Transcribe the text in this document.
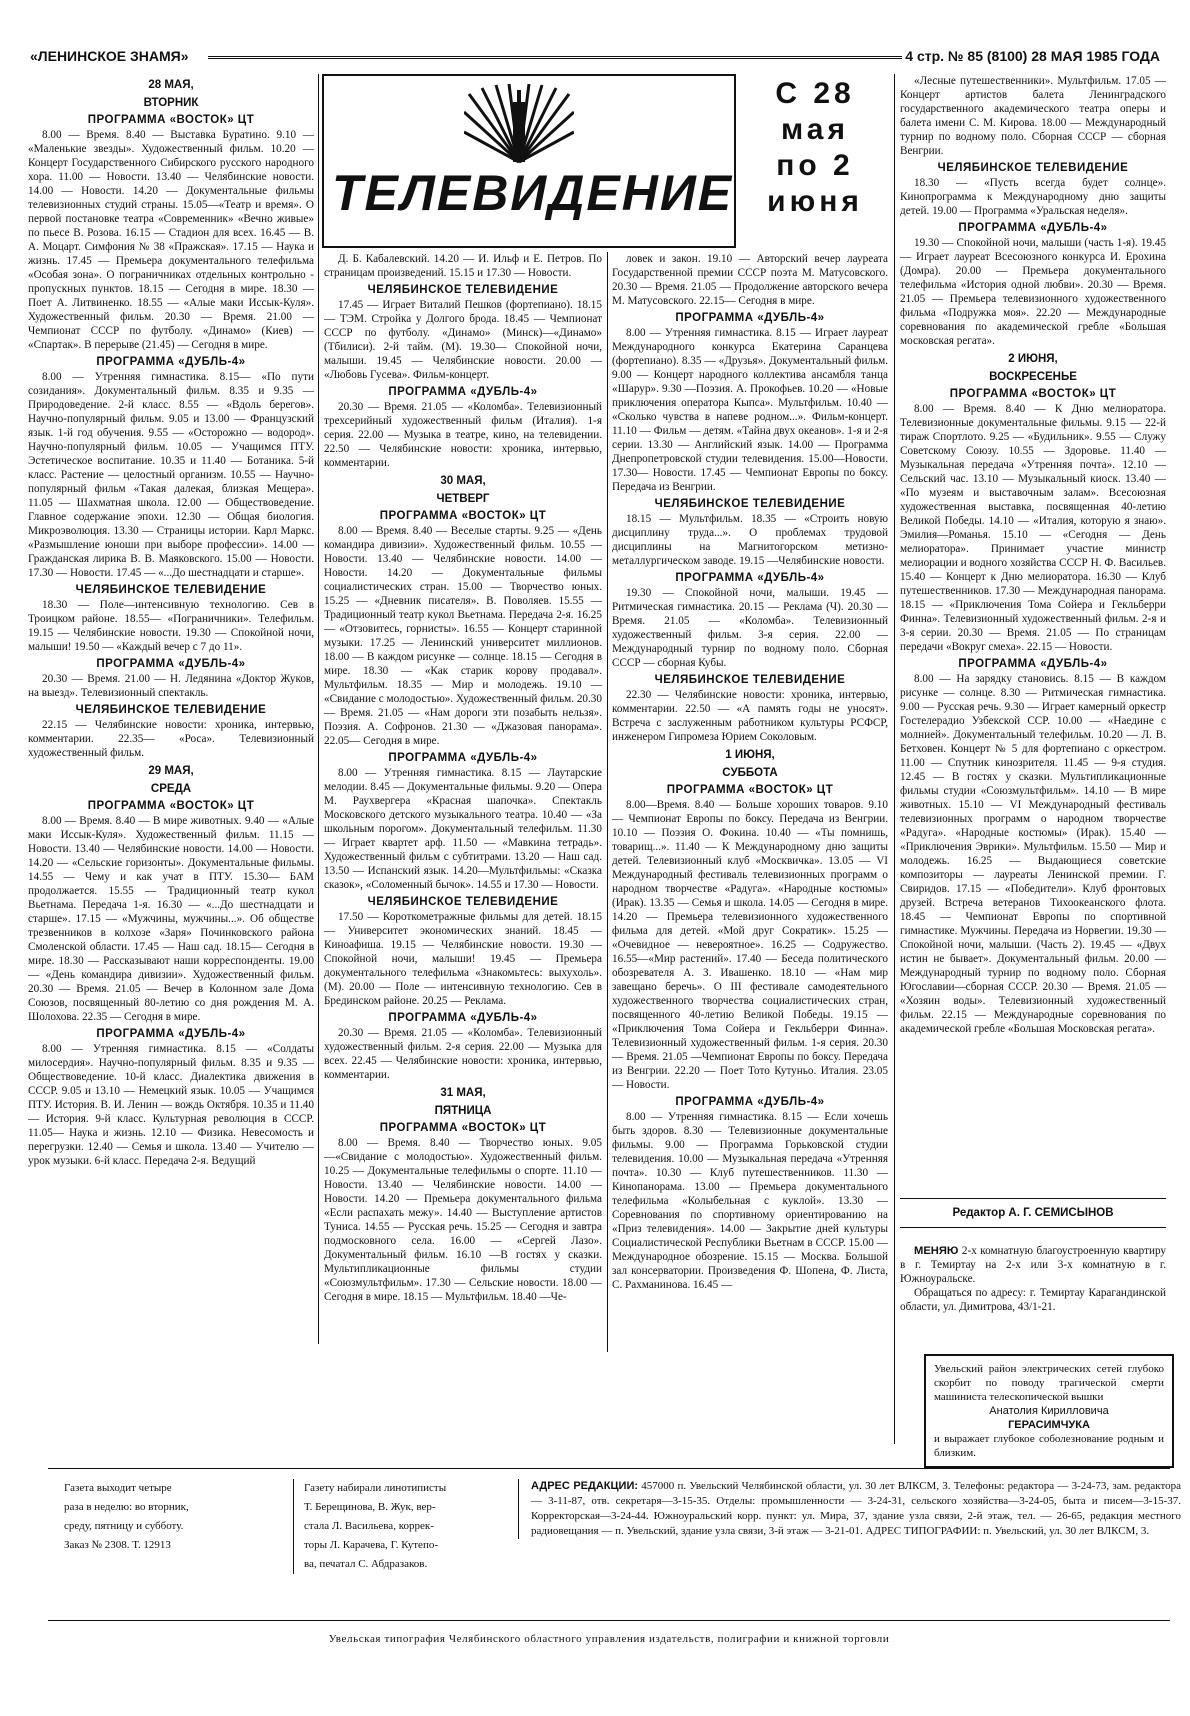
«ЛЕНИНСКОЕ ЗНАМЯ»	4 стр. № 85 (8100) 28 МАЯ 1985 ГОДА
28 МАЯ,
ВТОРНИК
ПРОГРАММА «ВОСТОК» ЦТ

8.00 — Время. 8.40 — Выставка Буратино. 9.10 — «Маленькие звезды». Художественный фильм. 10.20 — Концерт Государственного Сибирского русского народного хора. 11.00 — Новости. 13.40 — Челябинские новости. 14.00 — Новости. 14.20 — Документальные фильмы телевизионных студий страны. 15.05—«Театр и время». О первой постановке театра «Современник» «Вечно живые» по пьесе В. Розова. 16.15 — Стадион для всех. 16.45 — В. А. Моцарт. Симфония № 38 «Пражская». 17.15 — Наука и жизнь. 17.45 — Премьера документального телефильма «Особая зона». О пограничниках отдельных контрольно - пропускных пунктов. 18.15 — Сегодня в мире. 18.30 — Поет А. Литвиненко. 18.55 — «Алые маки Иссык-Куля». Художественный фильм. 20.30 — Время. 21.00 — Чемпионат СССР по футболу. «Динамо» (Киев) — «Спартак». В перерыве (21.45) — Сегодня в мире.

ПРОГРАММА «ДУБЛЬ-4»

8.00 — Утренняя гимнастика. 8.15— «По пути созидания». Документальный фильм. 8.35 и 9.35 — Природоведение. 2-й класс. 8.55 — «Вдоль берегов». Научно-популярный фильм. 9.05 и 13.00 — Французский язык. 1-й год обучения. 9.55 — «Осторожно — водород». Научно-популярный фильм. 10.05 — Учащимся ПТУ. Эстетическое воспитание. 10.35 и 11.40 — Ботаника. 5-й класс. Растение — целостный организм. 10.55 — Научно-популярный фильм «Такая далекая, близкая Мещера». 11.05 — Шахматная школа. 12.00 — Обществоведение. Главное содержание эпохи. 12.30 — Общая биология. Микроэволюция. 13.30 — Страницы истории. Карл Маркс. «Размышление юноши при выборе профессии». 14.00 — Гражданская лирика В. В. Маяковского. 15.00 — Новости. 17.30 — Новости. 17.45 — «...До шестнадцати и старше».

ЧЕЛЯБИНСКОЕ ТЕЛЕВИДЕНИЕ

18.30 — Поле—интенсивную технологию. Сев в Троицком районе. 18.55— «Пограничники». Телефильм. 19.15 — Челябинские новости. 19.30 — Спокойной ночи, малыши! 19.50 — «Каждый вечер с 7 до 11».

ПРОГРАММА «ДУБЛЬ-4»

20.30 — Время. 21.00 — Н. Ледянина «Доктор Жуков, на выезд». Телевизионный спектакль.

ЧЕЛЯБИНСКОЕ ТЕЛЕВИДЕНИЕ

22.15 — Челябинские новости: хроника, интервью, комментарии. 22.35— «Роса». Телевизионный художественный фильм.

29 МАЯ,
СРЕДА
ПРОГРАММА «ВОСТОК» ЦТ

8.00 — Время. 8.40 — В мире животных. 9.40 — «Алые маки Иссык-Куля». Художественный фильм. 11.15 — Новости. 13.40 — Челябинские новости. 14.00 — Новости. 14.20 — «Сельские горизонты». Документальные фильмы. 14.55 — Чему и как учат в ПТУ. 15.30— БАМ продолжается. 15.55 — Традиционный театр кукол Вьетнама. Передача 1-я. 16.30 — «...До шестнадцати и старше». 17.15 — «Мужчины, мужчины...». Об обществе трезвенников в колхозе «Заря» Починковского района Смоленской области. 17.45 — Наш сад. 18.15— Сегодня в мире. 18.30 — Рассказывают наши корреспонденты. 19.00 — «День командира дивизии». Художественный фильм. 20.30 — Время. 21.05 — Вечер в Колонном зале Дома Союзов, посвященный 80-летию со дня рождения М. А. Шолохова. 22.35 — Сегодня в мире.

ПРОГРАММА «ДУБЛЬ-4»

8.00 — Утренняя гимнастика. 8.15 — «Солдаты милосердия». Научно-популярный фильм. 8.35 и 9.35 — Обществоведение. 10-й класс. Диалектика движения в СССР. 9.05 и 13.10 — Немецкий язык. 10.05 — Учащимся ПТУ. История. В. И. Ленин — вождь Октября. 10.35 и 11.40 — История. 9-й класс. Культурная революция в СССР. 11.05— Наука и жизнь. 12.10 — Физика. Невесомость и перегрузки. 12.40 — Семья и школа. 13.40 — Учителю — урок музыки. 6-й класс. Передача 2-я. Ведущий

ТЕЛЕВИДЕНИЕ
С 28
мая
по 2
июня

Д. Б. Кабалевский. 14.20 — И. Ильф и Е. Петров. По страницам произведений. 15.15 и 17.30 — Новости.

ЧЕЛЯБИНСКОЕ ТЕЛЕВИДЕНИЕ

17.45 — Играет Виталий Пешков (фортепиано). 18.15 — ТЭМ. Стройка у Долгого брода. 18.45 — Чемпионат СССР по футболу. «Динамо» (Минск)—«Динамо» (Тбилиси). 2-й тайм. (М). 19.30— Спокойной ночи, малыши. 19.45 — Челябинские новости. 20.00 — «Любовь Гусева». Фильм-концерт.

ПРОГРАММА «ДУБЛЬ-4»

20.30 — Время. 21.05 — «Коломба». Телевизионный трехсерийный художественный фильм (Италия). 1-я серия. 22.00 — Музыка в театре, кино, на телевидении. 22.50 — Челябинские новости: хроника, интервью, комментарии.

30 МАЯ,
ЧЕТВЕРГ
ПРОГРАММА «ВОСТОК» ЦТ

8.00 — Время. 8.40 — Веселые старты. 9.25 — «День командира дивизии». Художественный фильм. 10.55 — Новости. 13.40 — Челябинские новости. 14.00 — Новости. 14.20 — Документальные фильмы социалистических стран. 15.00 — Творчество юных. 15.25 — «Дневник писателя». В. Поволяев. 15.55 — Традиционный театр кукол Вьетнама. Передача 2-я. 16.25 — «Отзовитесь, горнисты». 16.55 — Концерт старинной музыки. 17.25 — Ленинский университет миллионов. 18.00 — В каждом рисунке — солнце. 18.15 — Сегодня в мире. 18.30 — «Как старик корову продавал». Мультфильм. 18.35 — Мир и молодежь. 19.10 — «Свидание с молодостью». Художественный фильм. 20.30 — Время. 21.05 — «Нам дороги эти позабыть нельзя». Поэзия. А. Софронов. 21.30 — «Джазовая панорама». 22.05— Сегодня в мире.

ПРОГРАММА «ДУБЛЬ-4»

8.00 — Утренняя гимнастика. 8.15 — Лаутарские мелодии. 8.45 — Документальные фильмы. 9.20 — Опера М. Раухвергера «Красная шапочка». Спектакль Московского детского музыкального театра. 10.40 — «За школьным порогом». Документальный телефильм. 11.30 — Играет квартет арф. 11.50 — «Мавкина тетрадь». Художественный фильм с субтитрами. 13.20 — Наш сад. 13.50 — Испанский язык. 14.20—Мультфильмы: «Сказка сказок», «Соломенный бычок». 14.55 и 17.30 — Новости.

ЧЕЛЯБИНСКОЕ ТЕЛЕВИДЕНИЕ

17.50 — Короткометражные фильмы для детей. 18.15 — Университет экономических знаний. 18.45 — Киноафиша. 19.15 — Челябинские новости. 19.30 —Спокойной ночи, малыши! 19.45 — Премьера документального телефильма «Знакомьтесь: выхухоль». (М). 20.00 — Поле — интенсивную технологию. Сев в Брединском районе. 20.25 — Реклама.

ПРОГРАММА «ДУБЛЬ-4»

20.30 — Время. 21.05 — «Коломба». Телевизионный художественный фильм. 2-я серия. 22.00 — Музыка для всех. 22.45 — Челябинские новости: хроника, интервью, комментарии.

31 МАЯ,
ПЯТНИЦА
ПРОГРАММА «ВОСТОК» ЦТ

8.00 — Время. 8.40 — Творчество юных. 9.05—«Свидание с молодостью». Художественный фильм. 10.25 — Документальные телефильмы о спорте. 11.10 —Новости. 13.40 — Челябинские новости. 14.00 — Новости. 14.20 — Премьера документального фильма «Если распахать межу». 14.40 — Выступление артистов Туниса. 14.55 — Русская речь. 15.25 — Сегодня и завтра подмосковного села. 16.00 — «Сергей Лазо». Документальный фильм. 16.10 —В гостях у сказки. Мультипликационные фильмы студии «Союзмультфильм». 17.30 — Сельские новости. 18.00 — Сегодня в мире. 18.15 — Мультфильм. 18.40 —Че-

ловек и закон. 19.10 — Авторский вечер лауреата Государственной премии СССР поэта М. Матусовского. 20.30 — Время. 21.05 — Продолжение авторского вечера М. Матусовского. 22.15— Сегодня в мире.

ПРОГРАММА «ДУБЛЬ-4»

8.00 — Утренняя гимнастика. 8.15 — Играет лауреат Международного конкурса Екатерина Саранцева (фортепиано). 8.35 — «Друзья». Документальный фильм. 9.00 — Концерт народного коллектива ансамбля танца «Шарур». 9.30 —Поэзия. А. Прокофьев. 10.20 — «Новые приключения оператора Кыпса». Мультфильм. 10.40 — «Сколько чувства в напеве родном...». Фильм-концерт. 11.10 — Фильм — детям. «Тайна двух океанов». 1-я и 2-я серии. 13.30 — Английский язык. 14.00 — Программа Днепропетровской студии телевидения. 15.00—Новости. 17.30— Новости. 17.45 — Чемпионат Европы по боксу. Передача из Венгрии.

ЧЕЛЯБИНСКОЕ ТЕЛЕВИДЕНИЕ

18.15 — Мультфильм. 18.35 — «Строить новую дисциплину труда...». О проблемах трудовой дисциплины на Магнитогорском метизно-металлургическом заводе. 19.15 —Челябинские новости.

ПРОГРАММА «ДУБЛЬ-4»

19.30 — Спокойной ночи, малыши. 19.45 — Ритмическая гимнастика. 20.15 — Реклама (Ч). 20.30 — Время. 21.05 — «Коломба». Телевизионный художественный фильм. 3-я серия. 22.00 — Международный турнир по водному поло. Сборная СССР — сборная Кубы.

ЧЕЛЯБИНСКОЕ ТЕЛЕВИДЕНИЕ

22.30 — Челябинские новости: хроника, интервью, комментарии. 22.50 — «А память годы не уносят». Встреча с заслуженным работником культуры РСФСР, инженером Гипромеза Юрием Соколовым.

1 ИЮНЯ,
СУББОТА
ПРОГРАММА «ВОСТОК» ЦТ

8.00—Время. 8.40 — Больше хороших товаров. 9.10 — Чемпионат Европы по боксу. Передача из Венгрии. 10.10 — Поэзия О. Фокина. 10.40 — «Ты помнишь, товарищ...». 11.40 — К Международному дню защиты детей. Телевизионный клуб «Москвичка». 13.05 — VI Международный фестиваль телевизионных программ о народном творчестве «Радуга». «Народные костюмы» (Ирак). 13.35 — Семья и школа. 14.05 — Сегодня в мире. 14.20 — Премьера телевизионного художественного фильма для детей. «Мой друг Сократик». 15.25 — «Очевидное — невероятное». 16.25 — Содружество. 16.55—«Мир растений». 17.40 — Беседа политического обозревателя А. З. Ивашенко. 18.10 — «Нам мир завещано беречь». О III фестивале самодеятельного художественного творчества социалистических стран, посвященного 40-летию Великой Победы. 19.15 — «Приключения Тома Сойера и Гекльберри Финна». Телевизионный художественный фильм. 1-я серия. 20.30 — Время. 21.05 —Чемпионат Европы по боксу. Передача из Венгрии. 22.20 — Поет Тото Кутуньо. Италия. 23.05 — Новости.

ПРОГРАММА «ДУБЛЬ-4»

8.00 — Утренняя гимнастика. 8.15 — Если хочешь быть здоров. 8.30 — Телевизионные документальные фильмы. 9.00 — Программа Горьковской студии телевидения. 10.00 — Музыкальная передача «Утренняя почта». 10.30 — Клуб путешественников. 11.30 — Кинопанорама. 13.00 — Премьера документального телефильма «Колыбельная с куклой». 13.30 — Соревнования по спортивному ориентированию на «Приз телевидения». 14.00 — Закрытие дней культуры Социалистической Республики Вьетнам в СССР. 15.00 — Международное обозрение. 15.15 — Москва. Большой зал консерватории. Произведения Ф. Шопена, Ф. Листа, С. Рахманинова. 16.45 —

«Лесные путешественники». Мультфильм. 17.05 — Концерт артистов балета Ленинградского государственного академического театра оперы и балета имени С. М. Кирова. 18.00 — Международный турнир по водному поло. Сборная СССР — сборная Венгрии.

ЧЕЛЯБИНСКОЕ ТЕЛЕВИДЕНИЕ

18.30 — «Пусть всегда будет солнце». Кинопрограмма к Международному дню защиты детей. 19.00 — Программа «Уральская неделя».

ПРОГРАММА «ДУБЛЬ-4»

19.30 — Спокойной ночи, малыши (часть 1-я). 19.45 — Играет лауреат Всесоюзного конкурса И. Ерохина (Домра). 20.00 — Премьера документального телефильма «История одной любви». 20.30 — Время. 21.05 — Премьера телевизионного художественного фильма «Подружка моя». 22.20 — Международные соревнования по академической гребле «Большая московская регата».

2 ИЮНЯ,
ВОСКРЕСЕНЬЕ
ПРОГРАММА «ВОСТОК» ЦТ

8.00 — Время. 8.40 — К Дню мелиоратора. Телевизионные документальные фильмы. 9.15 — 22-й тираж Спортлото. 9.25 — «Будильник». 9.55 — Служу Советскому Союзу. 10.55 — Здоровье. 11.40 — Музыкальная передача «Утренняя почта». 12.10 — Сельский час. 13.10 — Музыкальный киоск. 13.40 — «По музеям и выставочным залам». Всесоюзная художественная выставка, посвященная 40-летию Великой Победы. 14.10 — «Италия, которую я знаю». Эмилия—Романья. 15.10 — «Сегодня — День мелиоратора». Принимает участие министр мелиорации и водного хозяйства СССР Н. Ф. Васильев. 15.40 — Концерт к Дню мелиоратора. 16.30 — Клуб путешественников. 17.30 — Международная панорама. 18.15 — «Приключения Тома Сойера и Гекльберри Финна». Телевизионный художественный фильм. 2-я и 3-я серии. 20.30 — Время. 21.05 — По страницам передачи «Вокруг смеха». 22.15 — Новости.

ПРОГРАММА «ДУБЛЬ-4»

8.00 — На зарядку становись. 8.15 — В каждом рисунке — солнце. 8.30 — Ритмическая гимнастика. 9.00 — Русская речь. 9.30 — Играет камерный оркестр Гостелерадио Узбекской ССР. 10.00 — «Наедине с молнией». Документальный телефильм. 10.20 — Л. В. Бетховен. Концерт № 5 для фортепиано с оркестром. 11.00 — Спутник кинозрителя. 11.45 — 9-я студия. 12.45 — В гостях у сказки. Мультипликационные фильмы студии «Союзмультфильм». 14.10 — В мире животных. 15.10 — VI Международный фестиваль телевизионных программ о народном творчестве «Радуга». «Народные костюмы» (Ирак). 15.40 — «Приключения Эврики». Мультфильм. 15.50 — Мир и молодежь. 16.25 — Выдающиеся советские композиторы — лауреаты Ленинской премии. Г. Свиридов. 17.15 — «Победители». Клуб фронтовых друзей. Встреча ветеранов Тихоокеанского флота. 18.45 — Чемпионат Европы по спортивной гимнастике. Мужчины. Передача из Норвегии. 19.30 — Спокойной ночи, малыши. (Часть 2). 19.45 — «Двух истин не бывает». Документальный фильм. 20.00 — Международный турнир по водному поло. Сборная Югославии—сборная СССР. 20.30 — Время. 21.05 — «Хозяин воды». Телевизионный художественный фильм. 22.15 — Международные соревнования по академической гребле «Большая Московская регата».

Редактор А. Г. СЕМИСЫНОВ

МЕНЯЮ 2-х комнатную благоустроенную квартиру в г. Темиртау на 2-х или 3-х комнатную в г. Южноуральске.

Обращаться по адресу: г. Темиртау Карагандинской области, ул. Димитрова, 43/1-21.

Увельский район электрических сетей глубоко скорбит по поводу трагической смерти машиниста телескопической вышки
Анатолия Кирилловича
ГЕРАСИМЧУКА
и выражает глубокое соболезнование родным и близким.
Газета выходит четыре
раза в неделю: во вторник,
среду, пятницу и субботу.
Заказ № 2308. Т. 12913
Газету набирали линотиписты
Т. Берещинова, В. Жук, вер-
стала Л. Васильева, коррек-
торы Л. Карачева, Г. Кутепо-
ва, печатал С. Абдразаков.
АДРЕС РЕДАКЦИИ: 457000 п. Увельский Челябинской области, ул. 30 лет ВЛКСМ, 3. Телефоны: редактора — 3-24-73, зам. редактора — 3-11-87, отв. секретаря—3-15-35. Отделы: промышленности — 3-24-31, сельского хозяйства—3-24-05, быта и писем—3-15-37. Корректорская—3-24-44. Южноуральский корр. пункт: ул. Мира, 37, здание узла связи, 2-й этаж, тел. — 26-65, редакция местного радиовещания — п. Увельский, здание узла связи, 3-й этаж — 3-21-01. АДРЕС ТИПОГРАФИИ: п. Увельский, ул. 30 лет ВЛКСМ, 3.
Увельская типография Челябинского областного управления издательств, полиграфии и книжной торговли
